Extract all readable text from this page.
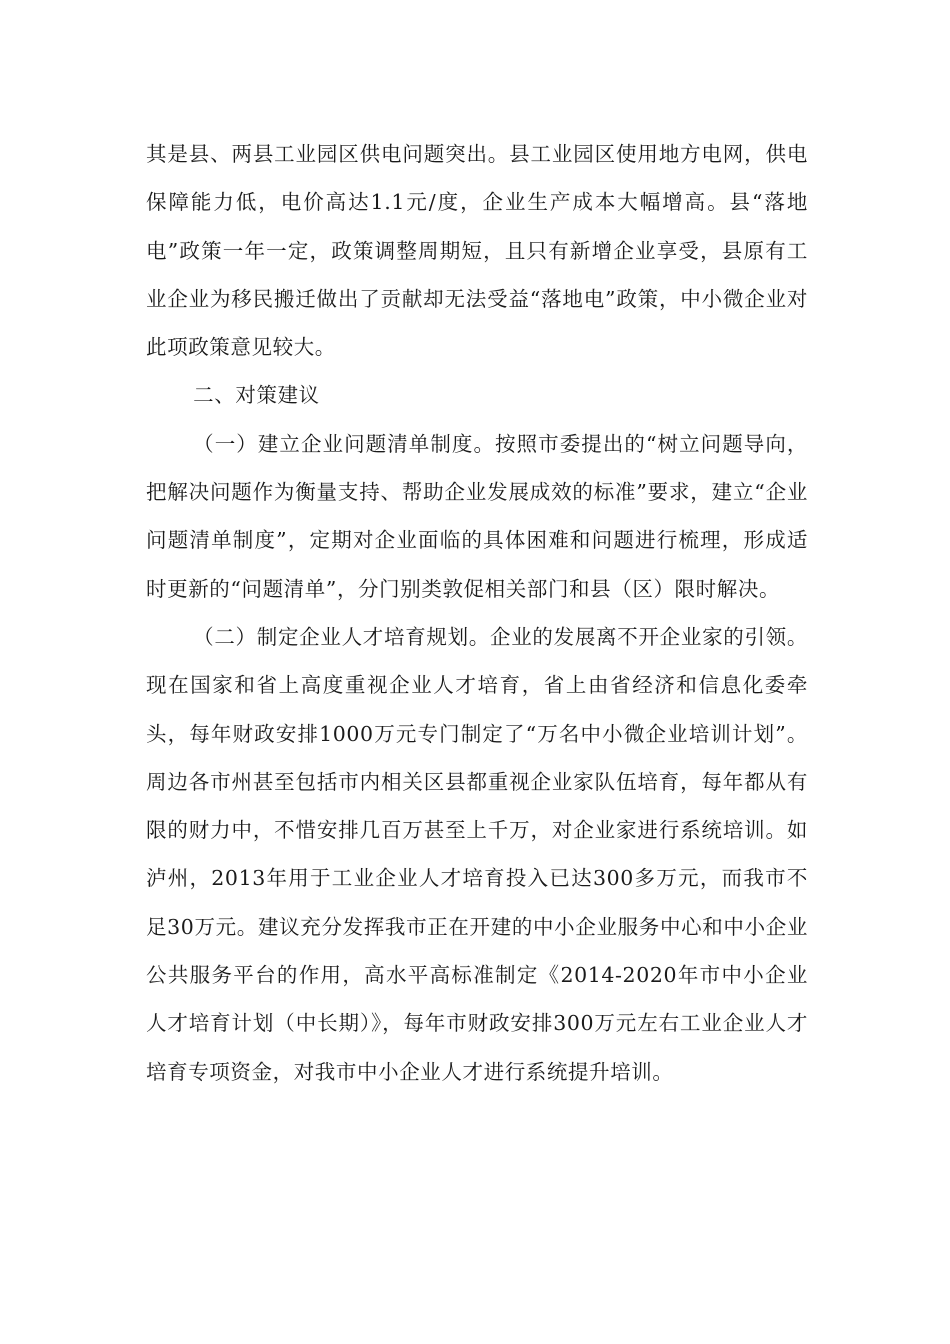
其是县、两县工业园区供电问题突出。县工业园区使用地方电网，供电保障能力低，电价高达1.1元/度，企业生产成本大幅增高。县“落地电”政策一年一定，政策调整周期短，且只有新增企业享受，县原有工业企业为移民搬迁做出了贡献却无法受益“落地电”政策，中小微企业对此项政策意见较大。

二、对策建议

（一）建立企业问题清单制度。按照市委提出的“树立问题导向，把解决问题作为衡量支持、帮助企业发展成效的标准”要求，建立“企业问题清单制度”，定期对企业面临的具体困难和问题进行梳理，形成适时更新的“问题清单”，分门别类敦促相关部门和县（区）限时解决。

（二）制定企业人才培育规划。企业的发展离不开企业家的引领。现在国家和省上高度重视企业人才培育，省上由省经济和信息化委牵头，每年财政安排1000万元专门制定了“万名中小微企业培训计划”。周边各市州甚至包括市内相关区县都重视企业家队伍培育，每年都从有限的财力中，不惜安排几百万甚至上千万，对企业家进行系统培训。如泸州，2013年用于工业企业人才培育投入已达300多万元，而我市不足30万元。建议充分发挥我市正在开建的中小企业服务中心和中小企业公共服务平台的作用，高水平高标准制定《2014-2020年市中小企业人才培育计划（中长期）》，每年市财政安排300万元左右工业企业人才培育专项资金，对我市中小企业人才进行系统提升培训。
